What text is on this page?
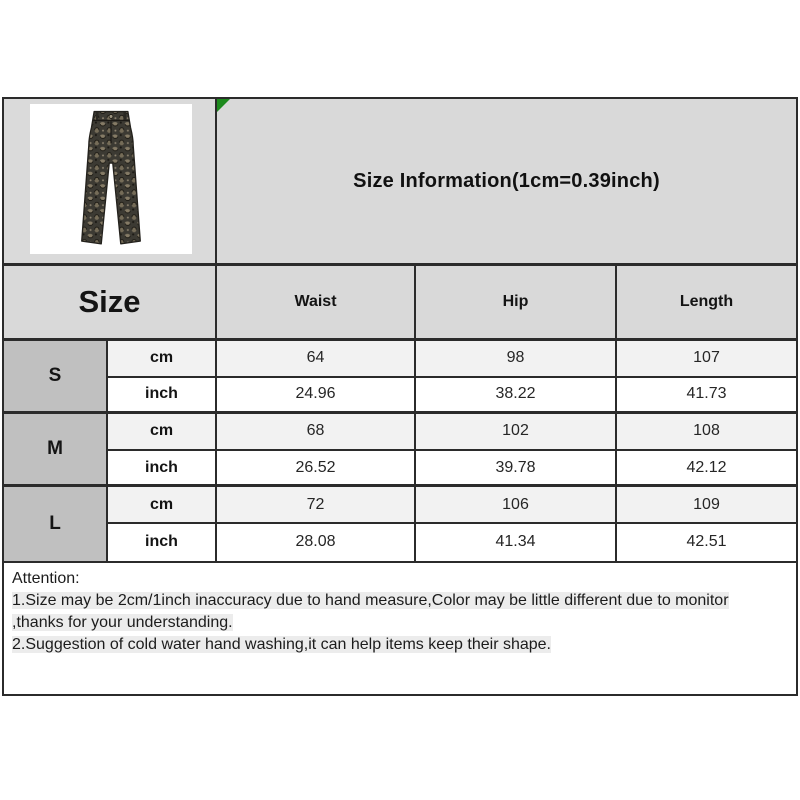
Size Information(1cm=0.39inch)
Size	Waist	Hip	Length
S
cm	64	98	107
inch	24.96	38.22	41.73
M
cm	68	102	108
inch	26.52	39.78	42.12
L
cm	72	106	109
inch	28.08	41.34	42.51
Attention:
1.Size may be 2cm/1inch inaccuracy due to hand measure,Color may be little different due to monitor
,thanks for your understanding.
2.Suggestion of cold water hand washing,it can help items keep their shape.
